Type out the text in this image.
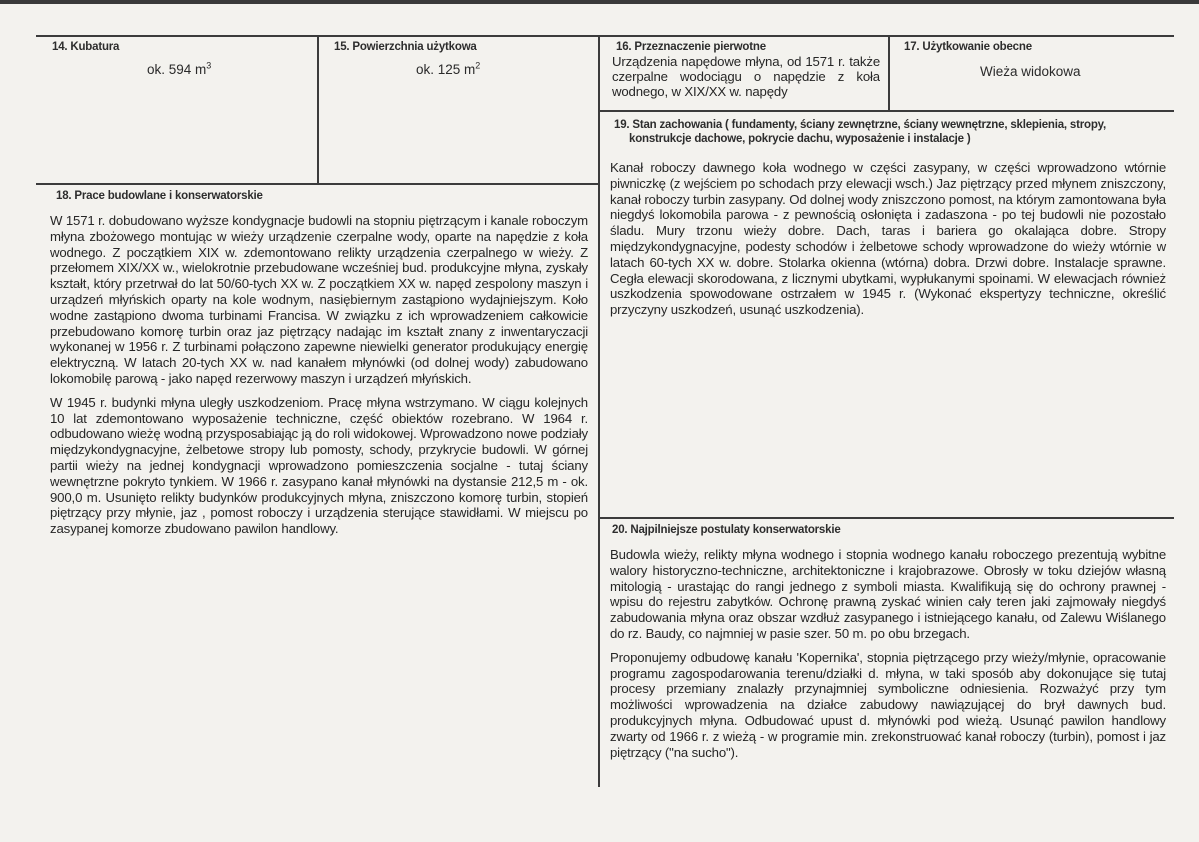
14. Kubatura
ok. 594 $m^3$
15. Powierzchnia użytkowa
ok. 125 $m^2$
16. Przeznaczenie pierwotne

Urządzenia napędowe młyna, od 1571 r. także czerpalne wodociągu o napędzie z koła wodnego, w XIX/XX w. napędy

17. Użytkowanie obecne
Wieża widokowa
18. Prace budowlane i konserwatorskie

W 1571 r. dobudowano wyższe kondygnacje budowli na stopniu piętrzącym i kanale roboczym młyna zbożowego montując w wieży urządzenie czerpalne wody, oparte na napędzie z koła wodnego. Z początkiem XIX w. zdemontowano relikty urządzenia czerpalnego w wieży. Z przełomem XIX/XX w., wielokrotnie przebudowane wcześniej bud. produkcyjne młyna, zyskały kształt, który przetrwał do lat 50/60-tych XX w. Z początkiem XX w. napęd zespolony maszyn i urządzeń młyńskich oparty na kole wodnym, nasiębiernym zastąpiono wydajniejszym. Koło wodne zastąpiono dwoma turbinami Francisa. W związku z ich wprowadzeniem całkowicie przebudowano komorę turbin oraz jaz piętrzący nadając im kształt znany z inwentaryczacji wykonanej w 1956 r. Z turbinami połączono zapewne niewielki generator produkujący energię elektryczną. W latach 20-tych XX w. nad kanałem młynówki (od dolnej wody) zabudowano lokomobilę parową - jako napęd rezerwowy maszyn i urządzeń młyńskich.

W 1945 r. budynki młyna uległy uszkodzeniom. Pracę młyna wstrzymano. W ciągu kolejnych 10 lat zdemontowano wyposażenie techniczne, część obiektów rozebrano. W 1964 r. odbudowano wieżę wodną przysposabiając ją do roli widokowej. Wprowadzono nowe podziały międzykondygnacyjne, żelbetowe stropy lub pomosty, schody, przykrycie budowli. W górnej partii wieży na jednej kondygnacji wprowadzono pomieszczenia socjalne - tutaj ściany wewnętrzne pokryto tynkiem. W 1966 r. zasypano kanał młynówki na dystansie 212,5 m - ok. 900,0 m. Usunięto relikty budynków produkcyjnych młyna, zniszczono komorę turbin, stopień piętrzący przy młynie, jaz , pomost roboczy i urządzenia sterujące stawidłami. W miejscu po zasypanej komorze zbudowano pawilon handlowy.

19. Stan zachowania ( fundamenty, ściany zewnętrzne, ściany wewnętrzne, sklepienia, stropy,
konstrukcje dachowe, pokrycie dachu, wyposażenie i instalacje )

Kanał roboczy dawnego koła wodnego w części zasypany, w części wprowadzono wtórnie piwniczkę (z wejściem po schodach przy elewacji wsch.) Jaz piętrzący przed młynem zniszczony, kanał roboczy turbin zasypany. Od dolnej wody zniszczono pomost, na którym zamontowana była niegdyś lokomobila parowa - z pewnością osłonięta i zadaszona - po tej budowli nie pozostało śladu. Mury trzonu wieży dobre. Dach, taras i bariera go okalająca dobre. Stropy międzykondygnacyjne, podesty schodów i żelbetowe schody wprowadzone do wieży wtórnie w latach 60-tych XX w. dobre. Stolarka okienna (wtórna) dobra. Drzwi dobre. Instalacje sprawne. Cegła elewacji skorodowana, z licznymi ubytkami, wypłukanymi spoinami. W elewacjach również uszkodzenia spowodowane ostrzałem w 1945 r. (Wykonać ekspertyzy techniczne, określić przyczyny uszkodzeń, usunąć uszkodzenia).

20. Najpilniejsze postulaty konserwatorskie

Budowla wieży, relikty młyna wodnego i stopnia wodnego kanału roboczego prezentują wybitne walory historyczno-techniczne, architektoniczne i krajobrazowe. Obrosły w toku dziejów własną mitologią - urastając do rangi jednego z symboli miasta. Kwalifikują się do ochrony prawnej - wpisu do rejestru zabytków. Ochronę prawną zyskać winien cały teren jaki zajmowały niegdyś zabudowania młyna oraz obszar wzdłuż zasypanego i istniejącego kanału, od Zalewu Wiślanego do rz. Baudy, co najmniej w pasie szer. 50 m. po obu brzegach.

Proponujemy odbudowę kanału 'Kopernika', stopnia piętrzącego przy wieży/młynie, opracowanie programu zagospodarowania terenu/działki d. młyna, w taki sposób aby dokonujące się tutaj procesy przemiany znalazły przynajmniej symboliczne odniesienia. Rozważyć przy tym możliwości wprowadzenia na działce zabudowy nawiązującej do brył dawnych bud. produkcyjnych młyna. Odbudować upust d. młynówki pod wieżą. Usunąć pawilon handlowy zwarty od 1966 r. z wieżą - w programie min. zrekonstruować kanał roboczy (turbin), pomost i jaz piętrzący ("na sucho").
